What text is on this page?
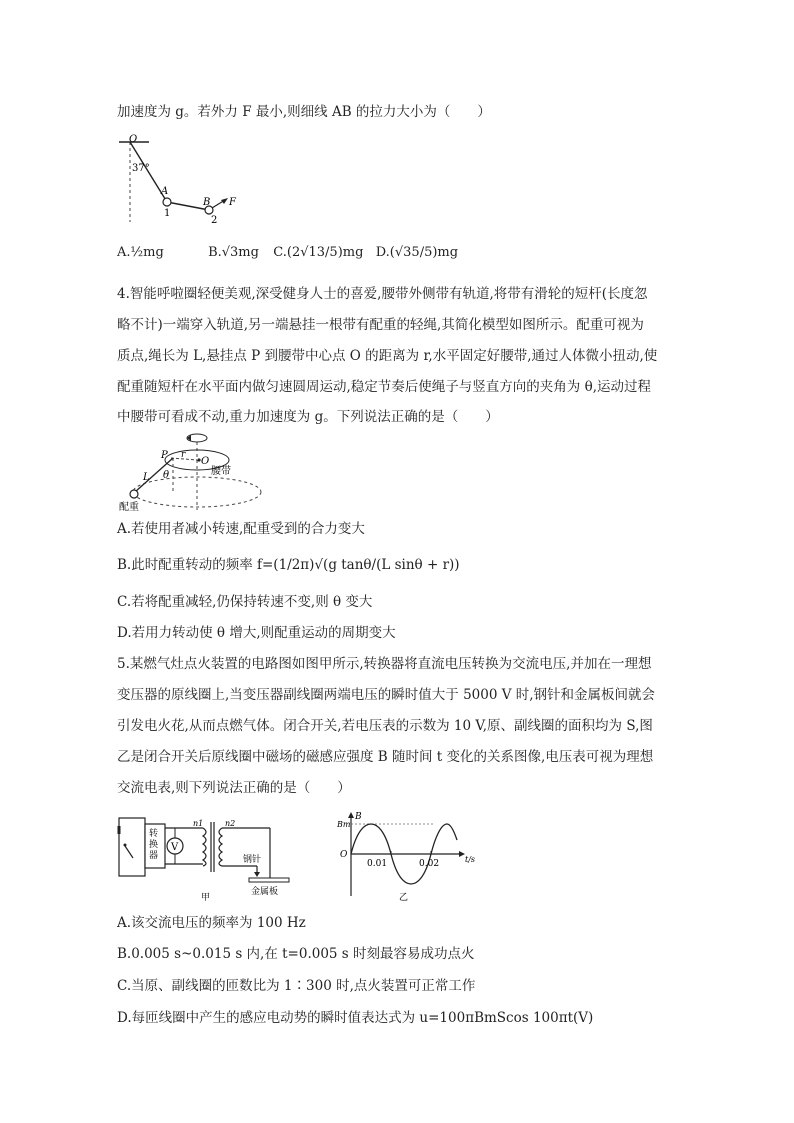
加速度为 g。若外力 F 最小,则细线 AB 的拉力大小为（　　）
O
37°
A
1
B
2
F
A.½mg	B.√3mg C.(2√13/5)mg D.(√35/5)mg
4.智能呼啦圈轻便美观,深受健身人士的喜爱,腰带外侧带有轨道,将带有滑轮的短杆(长度忽
略不计)一端穿入轨道,另一端悬挂一根带有配重的轻绳,其简化模型如图所示。配重可视为
质点,绳长为 L,悬挂点 P 到腰带中心点 O 的距离为 r,水平固定好腰带,通过人体微小扭动,使
配重随短杆在水平面内做匀速圆周运动,稳定节奏后使绳子与竖直方向的夹角为 θ,运动过程
中腰带可看成不动,重力加速度为 g。下列说法正确的是（　　）
P r
O
L θ	腰带
配重
A.若使用者减小转速,配重受到的合力变大
B.此时配重转动的频率 f=(1/2π)√(g tanθ/(L sinθ + r))
C.若将配重减轻,仍保持转速不变,则 θ 变大
D.若用力转动使 θ 增大,则配重运动的周期变大
5.某燃气灶点火装置的电路图如图甲所示,转换器将直流电压转换为交流电压,并加在一理想
变压器的原线圈上,当变压器副线圈两端电压的瞬时值大于 5000 V 时,钢针和金属板间就会
引发电火花,从而点燃气体。闭合开关,若电压表的示数为 10 V,原、副线圈的面积均为 S,图
乙是闭合开关后原线圈中磁场的磁感应强度 B 随时间 t 变化的关系图像,电压表可视为理想
交流电表,则下列说法正确的是（　　）
转
换
器
V
n1	n2
钢针
金属板
甲
B
Bm
O
0.01	0.02	t/s
乙
A.该交流电压的频率为 100 Hz
B.0.005 s~0.015 s 内,在 t=0.005 s 时刻最容易成功点火
C.当原、副线圈的匝数比为 1∶300 时,点火装置可正常工作
D.每匝线圈中产生的感应电动势的瞬时值表达式为 u=100πBmScos 100πt(V)
